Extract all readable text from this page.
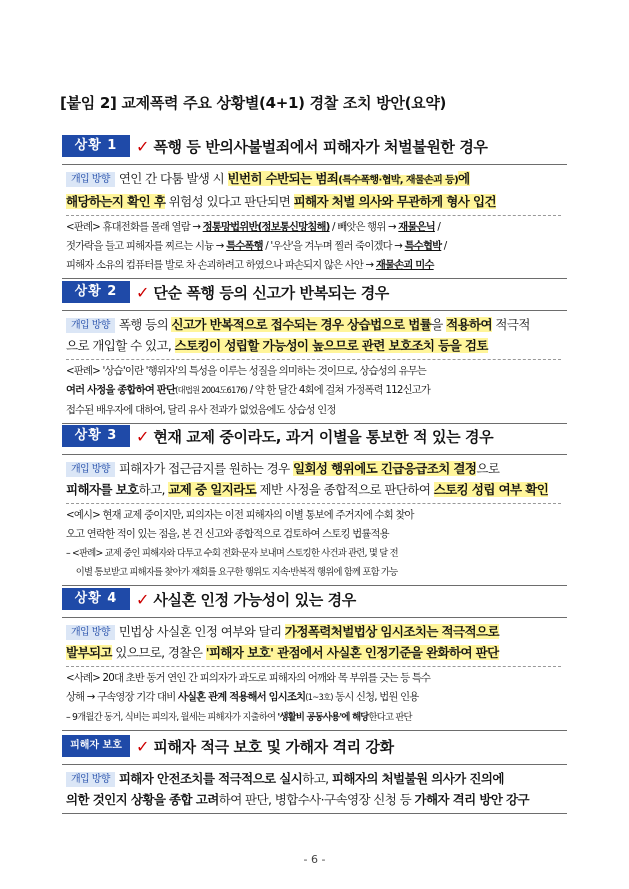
[붙임 2] 교제폭력 주요 상황별(4+1) 경찰 조치 방안(요약)
상황 1	✓ 폭행 등 반의사불벌죄에서 피해자가 처벌불원한 경우
개입 방향 연인 간 다툼 발생 시 빈번히 수반되는 범죄(특수폭행·협박, 재물손괴 등)에
해당하는지 확인 후 위험성 있다고 판단되면 피해자 처벌 의사와 무관하게 형사 입건
<판례> 휴대전화를 몰래 열람 → 정통망법위반(정보통신망침해) / 빼앗은 행위 → 재물은닉 /
젓가락을 들고 피해자를 찌르는 시늉 → 특수폭행 / '우산'을 겨누며 찔러 죽이겠다 → 특수협박 /
피해자 소유의 컴퓨터를 발로 차 손괴하려고 하였으나 파손되지 않은 사안 → 재물손괴 미수
상황 2	✓ 단순 폭행 등의 신고가 반복되는 경우
개입 방향 폭행 등의 신고가 반복적으로 접수되는 경우 상습법으로 법률을 적용하여 적극적
으로 개입할 수 있고, 스토킹이 성립할 가능성이 높으므로 관련 보호조치 등을 검토
<판례> '상습'이란 '행위자'의 특성을 이루는 성질을 의미하는 것이므로, 상습성의 유무는
여러 사정을 종합하여 판단(대법원 2004도6176) / 약 한 달간 4회에 걸쳐 가정폭력 112신고가
접수된 배우자에 대하여, 달리 유사 전과가 없었음에도 상습성 인정
상황 3	✓ 현재 교제 중이라도, 과거 이별을 통보한 적 있는 경우
개입 방향 피해자가 접근금지를 원하는 경우 일회성 행위에도 긴급응급조치 결정으로
피해자를 보호하고, 교제 중 일지라도 제반 사정을 종합적으로 판단하여 스토킹 성립 여부 확인
<예시> 현재 교제 중이지만, 피의자는 이전 피해자의 이별 통보에 주거지에 수회 찾아
오고 연락한 적이 있는 점을, 본 건 신고와 종합적으로 검토하여 스토킹 법률적용
– <판례> 교제 중인 피해자와 다투고 수회 전화·문자 보내며 스토킹한 사건과 관련, 몇 달 전
이별 통보받고 피해자를 찾아가 재회를 요구한 행위도 지속·반복적 행위에 함께 포함 가능
상황 4	✓ 사실혼 인정 가능성이 있는 경우
개입 방향 민법상 사실혼 인정 여부와 달리 가정폭력처벌법상 임시조치는 적극적으로
발부되고 있으므로, 경찰은 '피해자 보호' 관점에서 사실혼 인정기준을 완화하여 판단
<사례> 20대 초반 동거 연인 간 피의자가 과도로 피해자의 어깨와 목 부위를 긋는 등 특수
상해 → 구속영장 기각 대비 사실혼 관계 적용해서 임시조치(1~3호) 동시 신청, 법원 인용
– 9개월간 동거, 식비는 피의자, 월세는 피해자가 지출하여 '생활비 공동사용'에 해당한다고 판단
피해자 보호 ✓ 피해자 적극 보호 및 가해자 격리 강화
개입 방향 피해자 안전조치를 적극적으로 실시하고, 피해자의 처벌불원 의사가 진의에
의한 것인지 상황을 종합 고려하여 판단, 병합수사·구속영장 신청 등 가해자 격리 방안 강구
- 6 -
